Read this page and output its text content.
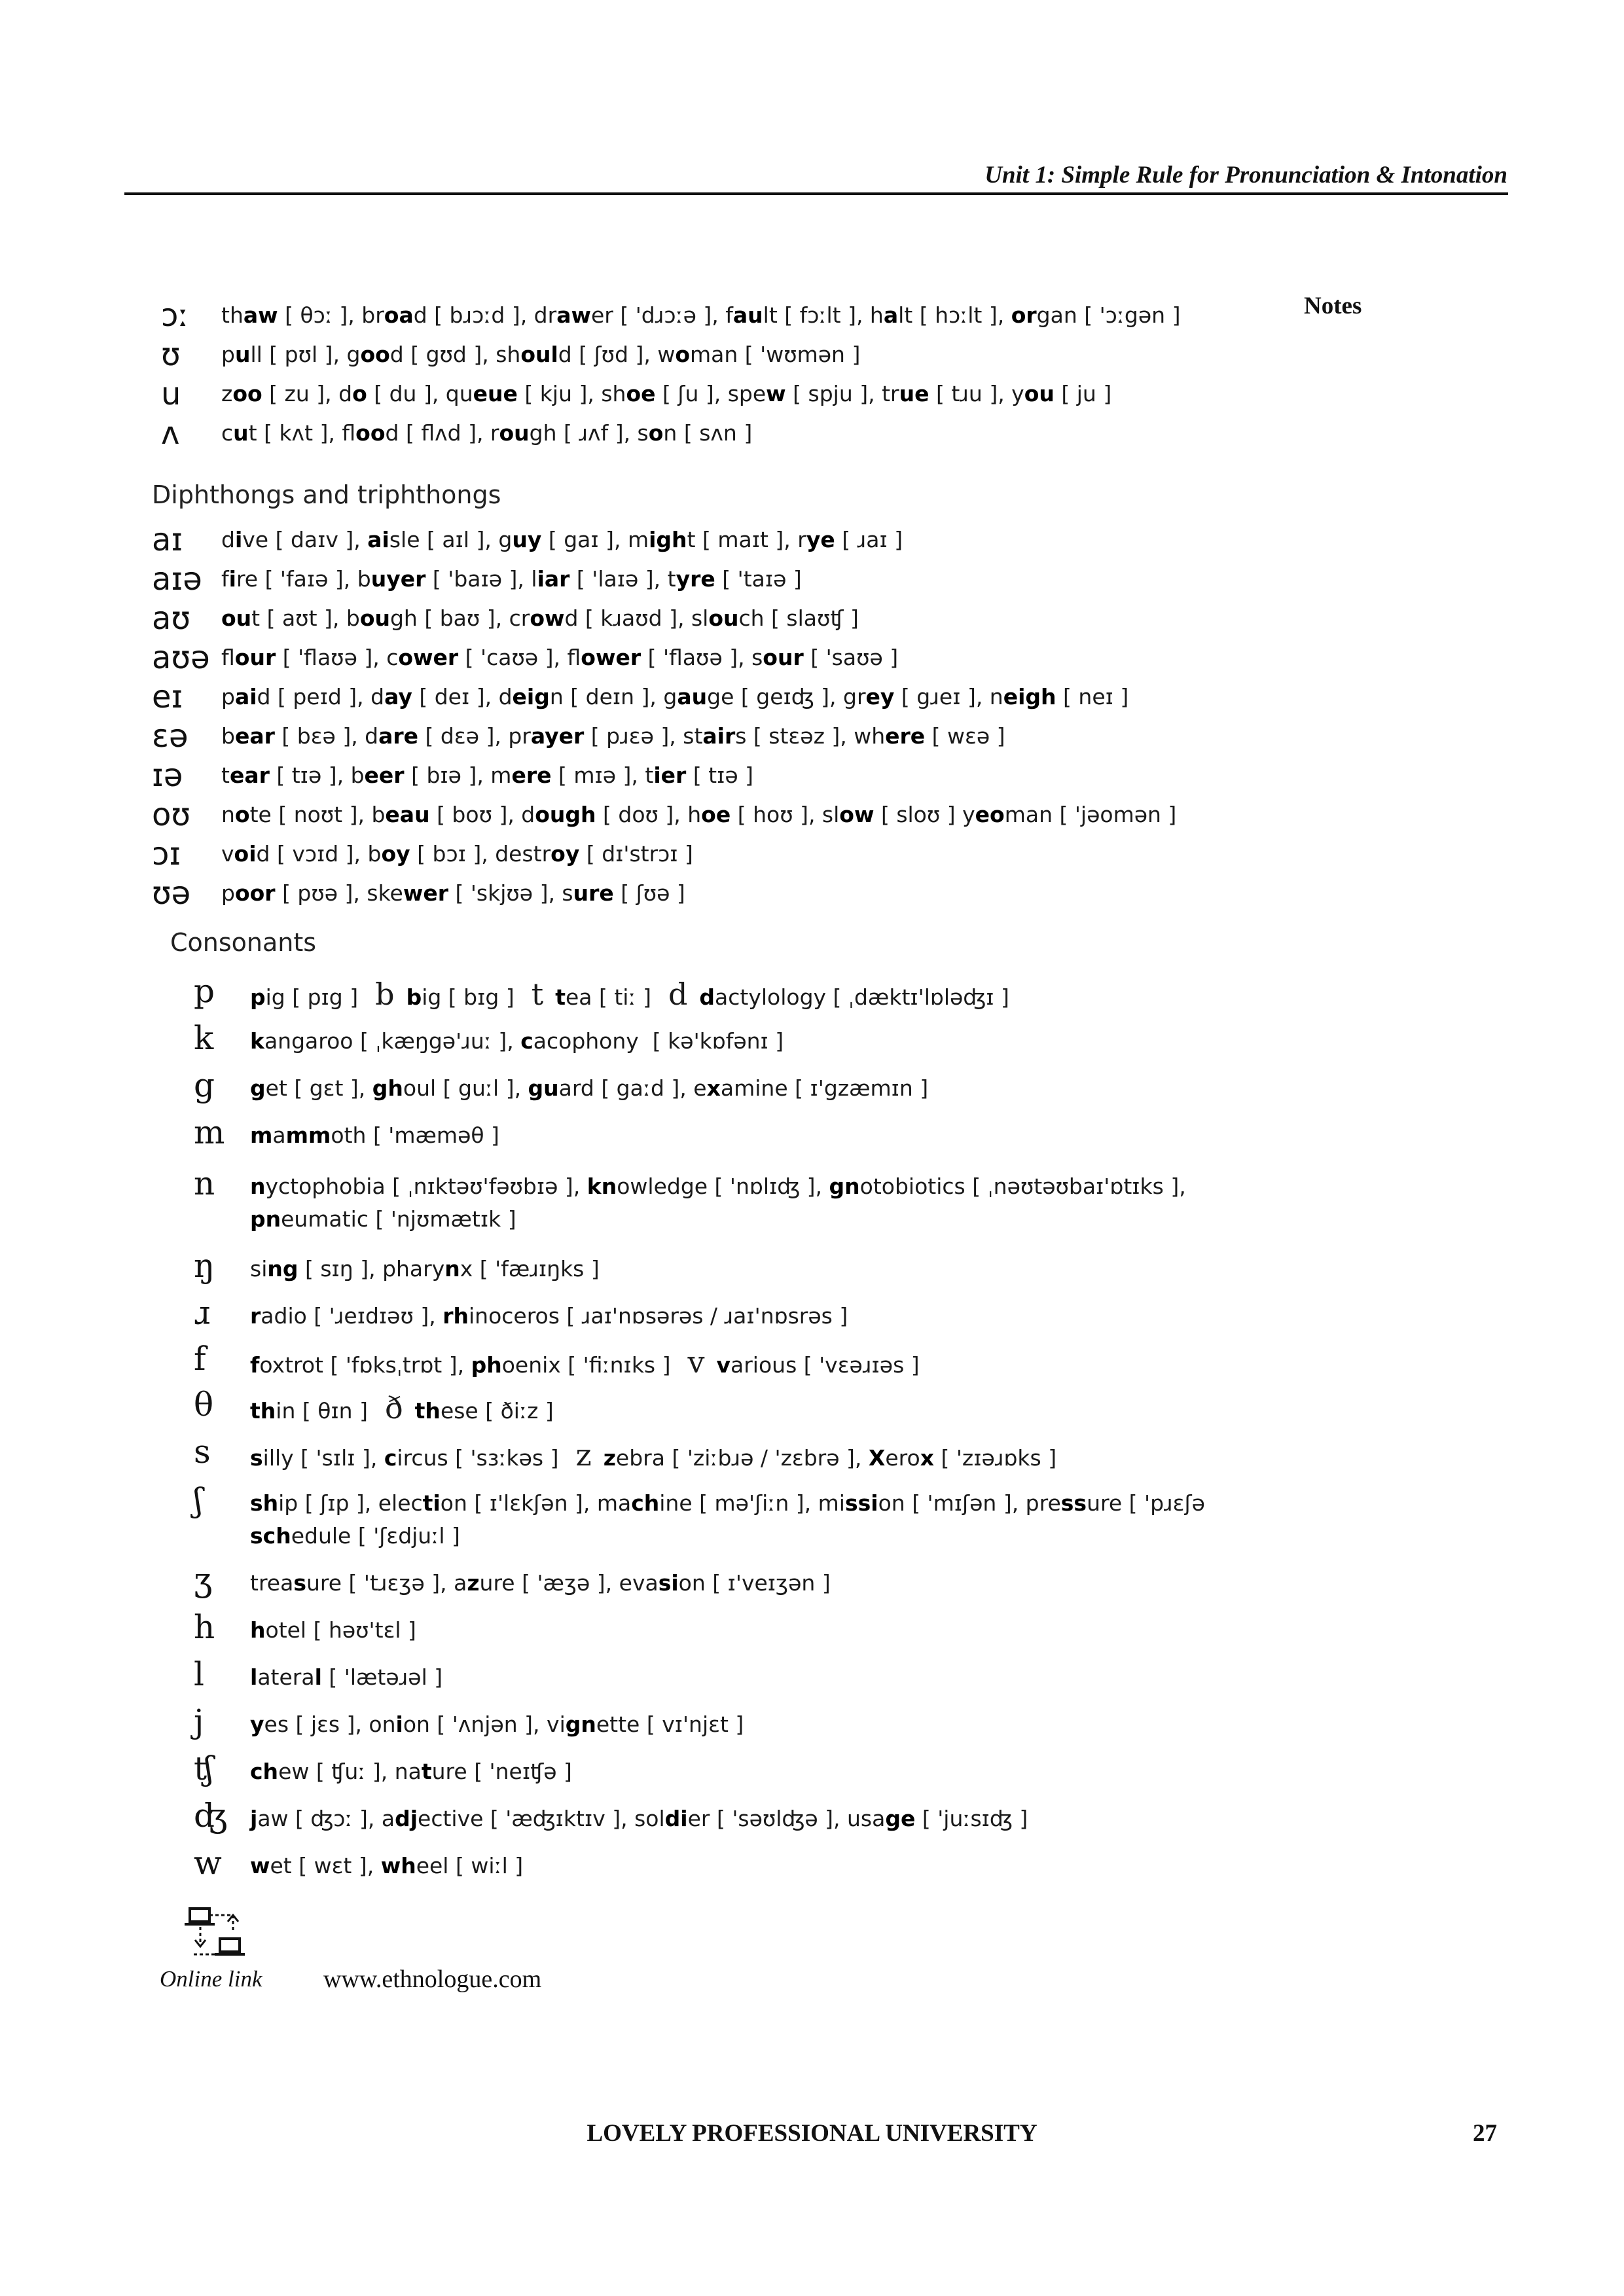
Unit 1: Simple Rule for Pronunciation & Intonation
Notes
ɔː thaw [ θɔː ], broad [ bɹɔːd ], drawer [ 'dɹɔːə ], fault [ fɔːlt ], halt [ hɔːlt ], organ [ 'ɔːgən ]
ʊ pull [ pʊl ], good [ gʊd ], should [ ʃʊd ], woman [ 'wʊmən ]
u zoo [ zu ], do [ du ], queue [ kju ], shoe [ ʃu ], spew [ spju ], true [ tɹu ], you [ ju ]
ʌ cut [ kʌt ], flood [ flʌd ], rough [ ɹʌf ], son [ sʌn ]
Diphthongs and triphthongs
aɪ dive [ daɪv ], aisle [ aɪl ], guy [ gaɪ ], might [ maɪt ], rye [ ɹaɪ ]
aɪə fire [ 'faɪə ], buyer [ 'baɪə ], liar [ 'laɪə ], tyre [ 'taɪə ]
aʊ out [ aʊt ], bough [ baʊ ], crowd [ kɹaʊd ], slouch [ slaʊʧ ]
aʊə flour [ 'flaʊə ], cower [ 'caʊə ], flower [ 'flaʊə ], sour [ 'saʊə ]
eɪ paid [ peɪd ], day [ deɪ ], deign [ deɪn ], gauge [ geɪʤ ], grey [ gɹeɪ ], neigh [ neɪ ]
ɛə bear [ bɛə ], dare [ dɛə ], prayer [ pɹɛə ], stairs [ stɛəz ], where [ wɛə ]
ɪə tear [ tɪə ], beer [ bɪə ], mere [ mɪə ], tier [ tɪə ]
oʊ note [ noʊt ], beau [ boʊ ], dough [ doʊ ], hoe [ hoʊ ], slow [ sloʊ ] yeoman [ 'jəomən ]
ɔɪ void [ vɔɪd ], boy [ bɔɪ ], destroy [ dɪ'strɔɪ ]
ʊə poor [ pʊə ], skewer [ 'skjʊə ], sure [ ʃʊə ]
Consonants
p pig [ pɪg ] b big [ bɪg ] t tea [ tiː ] d dactylology [ ˌdæktɪ'lɒləʤɪ ]
k kangaroo [ ˌkæŋgə'ɹuː ], cacophony  [ kə'kɒfənɪ ]
g get [ gɛt ], ghoul [ guːl ], guard [ gaːd ], examine [ ɪ'gzæmɪn ]
m mammoth [ 'mæməθ ]
n nyctophobia [ ˌnɪktəʊ'fəʊbɪə ], knowledge [ 'nɒlɪʤ ], gnotobiotics [ ˌnəʊtəʊbaɪ'ɒtɪks ],
pneumatic [ 'njʊmætɪk ]
ŋ sing [ sɪŋ ], pharynx [ 'fæɹɪŋks ]
ɹ radio [ 'ɹeɪdɪəʊ ], rhinoceros [ ɹaɪ'nɒsərəs / ɹaɪ'nɒsrəs ]
f foxtrot [ 'fɒksˌtrɒt ], phoenix [ 'fiːnɪks ] v various [ 'vɛəɹɪəs ]
θ thin [ θɪn ] ð these [ ðiːz ]
s silly [ 'sɪlɪ ], circus [ 'sɜːkəs ] z zebra [ 'ziːbɹə / 'zɛbrə ], Xerox [ 'zɪəɹɒks ]
ʃ ship [ ʃɪp ], election [ ɪ'lɛkʃən ], machine [ mə'ʃiːn ], mission [ 'mɪʃən ], pressure [ 'pɹɛʃə
schedule [ 'ʃɛdjuːl ]
ʒ treasure [ 'tɹɛʒə ], azure [ 'æʒə ], evasion [ ɪ'veɪʒən ]
h hotel [ həʊ'tɛl ]
l lateral [ 'lætəɹəl ]
j yes [ jɛs ], onion [ 'ʌnjən ], vignette [ vɪ'njɛt ]
ʧ chew [ ʧuː ], nature [ 'neɪʧə ]
ʤ jaw [ ʤɔː ], adjective [ 'æʤɪktɪv ], soldier [ 'səʊlʤə ], usage [ 'juːsɪʤ ]
w wet [ wɛt ], wheel [ wiːl ]
Online link www.ethnologue.com
LOVELY PROFESSIONAL UNIVERSITY	27
